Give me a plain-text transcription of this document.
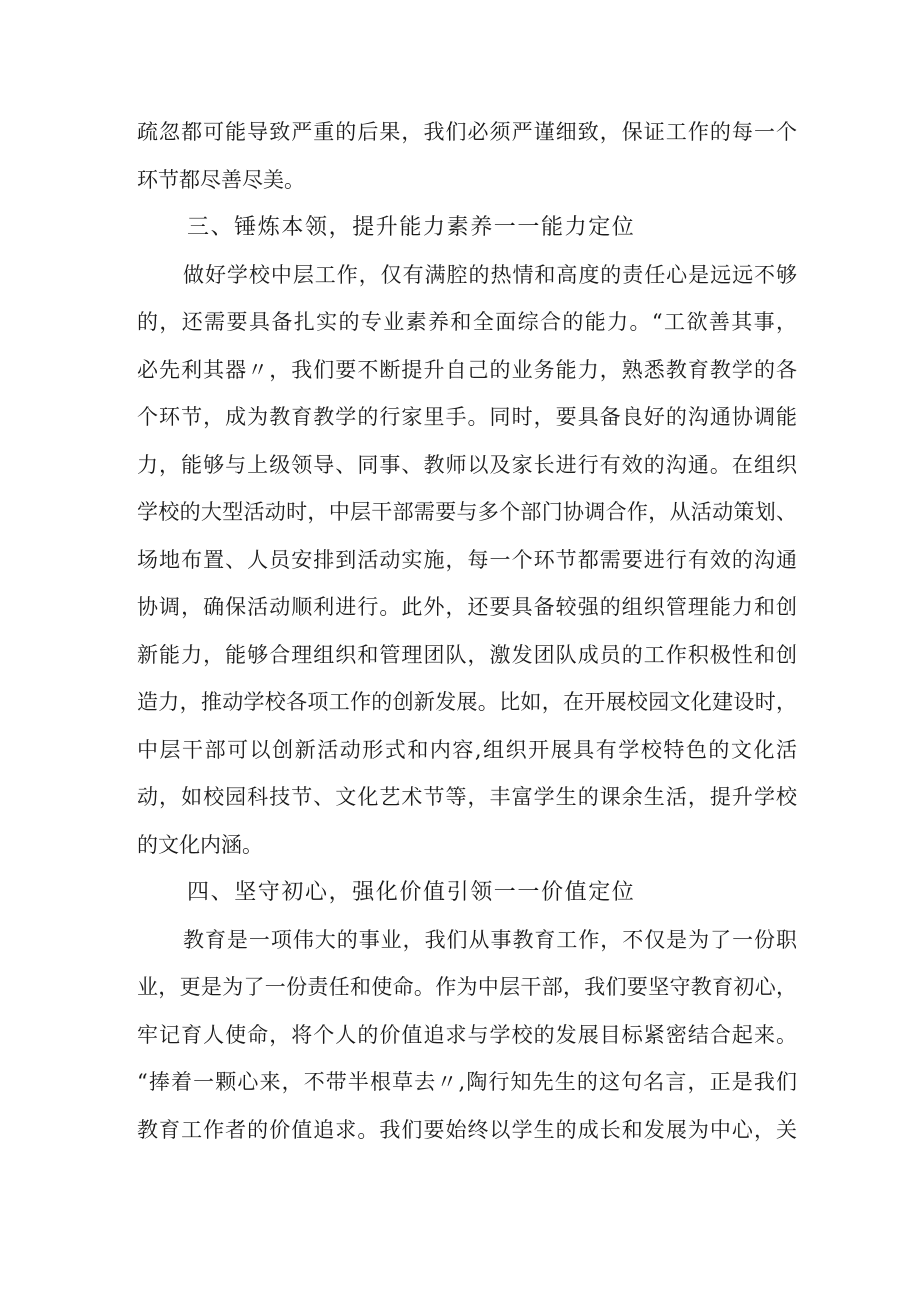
疏忽都可能导致严重的后果，我们必须严谨细致，保证工作的每一个
环节都尽善尽美。
三、锤炼本领，提升能力素养一一能力定位
做好学校中层工作，仅有满腔的热情和高度的责任心是远远不够
的，还需要具备扎实的专业素养和全面综合的能力。“工欲善其事，
必先利其器〃，我们要不断提升自己的业务能力，熟悉教育教学的各
个环节，成为教育教学的行家里手。同时，要具备良好的沟通协调能
力，能够与上级领导、同事、教师以及家长进行有效的沟通。在组织
学校的大型活动时，中层干部需要与多个部门协调合作，从活动策划、
场地布置、人员安排到活动实施，每一个环节都需要进行有效的沟通
协调，确保活动顺利进行。此外，还要具备较强的组织管理能力和创
新能力，能够合理组织和管理团队，激发团队成员的工作积极性和创
造力，推动学校各项工作的创新发展。比如，在开展校园文化建设时，
中层干部可以创新活动形式和内容,组织开展具有学校特色的文化活
动，如校园科技节、文化艺术节等，丰富学生的课余生活，提升学校
的文化内涵。
四、坚守初心，强化价值引领一一价值定位
教育是一项伟大的事业，我们从事教育工作，不仅是为了一份职
业，更是为了一份责任和使命。作为中层干部，我们要坚守教育初心，
牢记育人使命，将个人的价值追求与学校的发展目标紧密结合起来。
“捧着一颗心来，不带半根草去〃,陶行知先生的这句名言，正是我们
教育工作者的价值追求。我们要始终以学生的成长和发展为中心，关
